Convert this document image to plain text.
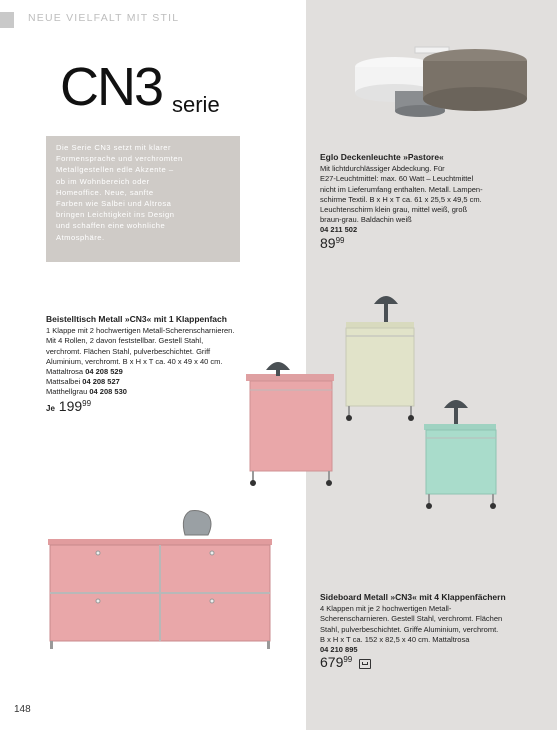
NEUE VIELFALT MIT STIL
CN3 serie
Die Serie CN3 setzt mit klarer
Formensprache und verchromten
Metallgestellen edle Akzente –
ob im Wohnbereich oder
Homeoffice. Neue, sanfte
Farben wie Salbei und Altrosa
bringen Leichtigkeit ins Design
und schaffen eine wohnliche
Atmosphäre.
Eglo Deckenleuchte »Pastore«
Mit lichtdurchlässiger Abdeckung. Für
E27-Leuchtmittel: max. 60 Watt – Leuchtmittel
nicht im Lieferumfang enthalten. Metall. Lampen-
schirme Textil. B x H x T ca. 61 x 25,5 x 49,5 cm.
Leuchtenschirm klein grau, mittel weiß, groß
braun-grau. Baldachin weiß
04 211 502
$89^{99}$
Beistelltisch Metall »CN3« mit 1 Klappenfach
1 Klappe mit 2 hochwertigen Metall-Scherenscharnieren.
Mit 4 Rollen, 2 davon feststellbar. Gestell Stahl,
verchromt. Flächen Stahl, pulverbeschichtet. Griff
Aluminium, verchromt. B x H x T ca. 40 x 49 x 40 cm.
Mattaltrosa 04 208 529
Mattsalbei 04 208 527
Matthellgrau 04 208 530
Je $199^{99}$
Sideboard Metall »CN3« mit 4 Klappenfächern
4 Klappen mit je 2 hochwertigen Metall-
Scherenscharnieren. Gestell Stahl, verchromt. Flächen
Stahl, pulverbeschichtet. Griffe Aluminium, verchromt.
B x H x T ca. 152 x 82,5 x 40 cm. Mattaltrosa
04 210 895
$679^{99}$
148
